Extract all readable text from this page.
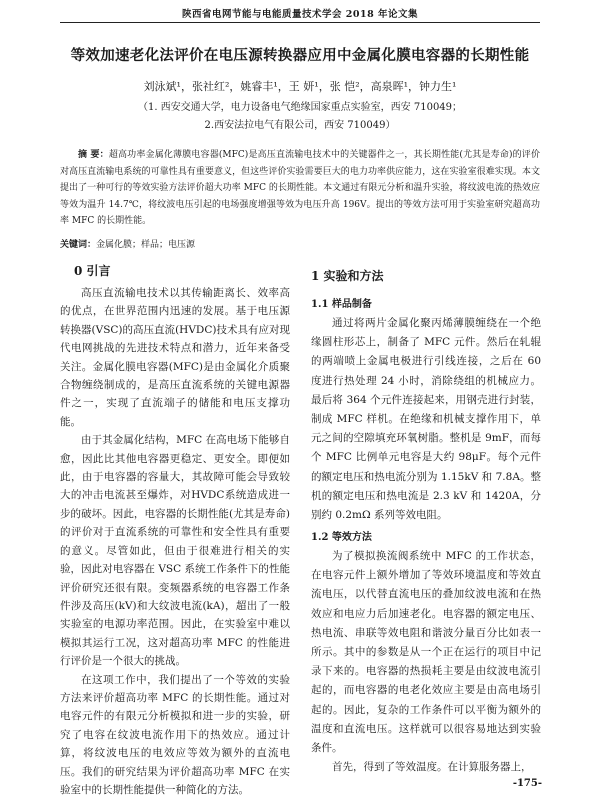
陕西省电网节能与电能质量技术学会 2018 年论文集
等效加速老化法评价在电压源转换器应用中金属化膜电容器的长期性能
刘泳斌¹，张社红²，姚睿丰¹，王 妍¹，张 恺²，高泉晖¹，钟力生¹
（1. 西安交通大学，电力设备电气绝缘国家重点实验室，西安 710049；
2.西安法拉电气有限公司，西安 710049）
摘 要：超高功率金属化薄膜电容器(MFC)是高压直流输电技术中的关键器件之一，其长期性能(尤其是寿命)的评价对高压直流输电系统的可靠性具有重要意义，但这些评价实验需要巨大的电力功率供应能力，这在实验室很难实现。本文提出了一种可行的等效实验方法评价超大功率 MFC 的长期性能。本文通过有限元分析和温升实验，将纹波电流的热效应等效为温升 14.7℃，将纹波电压引起的电场强度增强等效为电压升高 196V。提出的等效方法可用于实验室研究超高功率 MFC 的长期性能。
关键词：金属化膜；样品；电压源
0 引言

高压直流输电技术以其传输距离长、效率高的优点，在世界范围内迅速的发展。基于电压源转换器(VSC)的高压直流(HVDC)技术具有应对现代电网挑战的先进技术特点和潜力，近年来备受关注。金属化膜电容器(MFC)是由金属化介质聚合物缠绕制成的，是高压直流系统的关键电源器件之一，实现了直流端子的储能和电压支撑功能。

由于其金属化结构，MFC 在高电场下能够自愈，因此比其他电容器更稳定、更安全。即便如此，由于电容器的容量大，其故障可能会导致较大的冲击电流甚至爆炸，对HVDC系统造成进一步的破坏。因此，电容器的长期性能(尤其是寿命)的评价对于直流系统的可靠性和安全性具有重要的意义。尽管如此，但由于很难进行相关的实验，因此对电容器在 VSC 系统工作条件下的性能评价研究还很有限。变频器系统的电容器工作条件涉及高压(kV)和大纹波电流(kA)，超出了一般实验室的电源功率范围。因此，在实验室中难以模拟其运行工况，这对超高功率 MFC 的性能进行评价是一个很大的挑战。

在这项工作中，我们提出了一个等效的实验方法来评价超高功率 MFC 的长期性能。通过对电容元件的有限元分析模拟和进一步的实验，研究了电容在纹波电流作用下的热效应。通过计算，将纹波电压的电效应等效为额外的直流电压。我们的研究结果为评价超高功率 MFC 在实验室中的长期性能提供一种简化的方法。

1 实验和方法
1.1 样品制备

通过将两片金属化聚丙烯薄膜缠绕在一个绝缘圆柱形芯上，制备了 MFC 元件。然后在轧辊的两端喷上金属电极进行引线连接，之后在 60 度进行热处理 24 小时，消除绕组的机械应力。最后将 364 个元件连接起来，用钢壳进行封装，制成 MFC 样机。在绝缘和机械支撑作用下，单元之间的空隙填充环氧树脂。整机是 9mF，而每个 MFC 比例单元电容是大约 98μF。每个元件的额定电压和热电流分别为 1.15kV 和 7.8A。整机的额定电压和热电流是 2.3 kV 和 1420A，分别约 0.2mΩ 系列等效电阻。

1.2 等效方法

为了模拟换流阀系统中 MFC 的工作状态，在电容元件上额外增加了等效环境温度和等效直流电压，以代替直流电压的叠加纹波电流和在热效应和电应力后加速老化。电容器的额定电压、热电流、串联等效电阻和谐波分量百分比如表一所示。其中的参数是从一个正在运行的项目中记录下来的。电容器的热损耗主要是由纹波电流引起的，而电容器的电老化效应主要是由高电场引起的。因此，复杂的工作条件可以平衡为额外的温度和直流电压。这样就可以很容易地达到实验条件。

首先，得到了等效温度。在计算服务器上，

-175-
